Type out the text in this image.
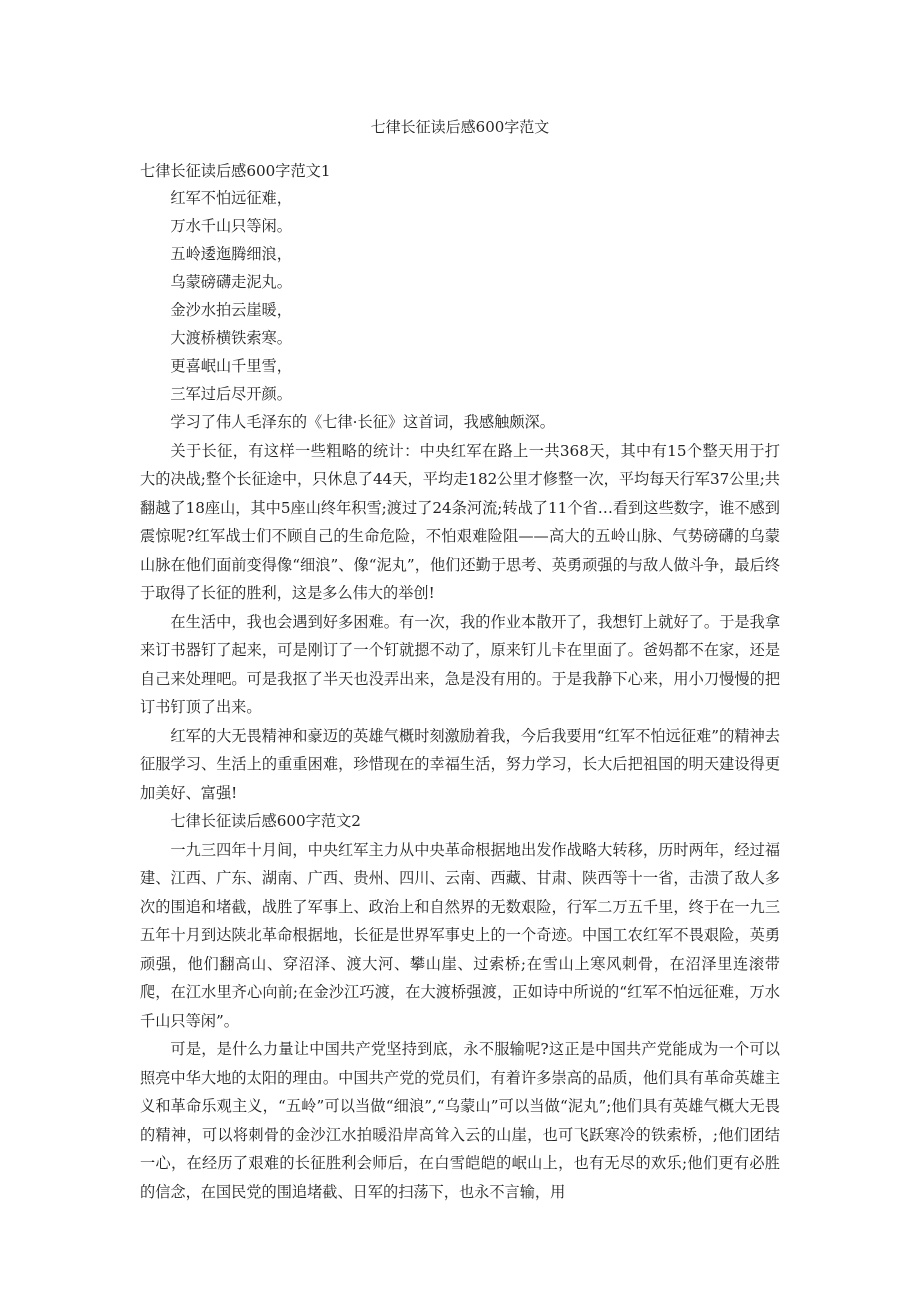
七律长征读后感600字范文

七律长征读后感600字范文1

红军不怕远征难，

万水千山只等闲。

五岭逶迤腾细浪，

乌蒙磅礴走泥丸。

金沙水拍云崖暖，

大渡桥横铁索寒。

更喜岷山千里雪，

三军过后尽开颜。

学习了伟人毛泽东的《七律·长征》这首词，我感触颇深。

关于长征，有这样一些粗略的统计：中央红军在路上一共368天，其中有15个整天用于打大的决战;整个长征途中，只休息了44天，平均走182公里才修整一次，平均每天行军37公里;共翻越了18座山，其中5座山终年积雪;渡过了24条河流;转战了11个省…看到这些数字，谁不感到震惊呢?红军战士们不顾自己的生命危险，不怕艰难险阻——高大的五岭山脉、气势磅礴的乌蒙山脉在他们面前变得像“细浪”、像“泥丸”，他们还勤于思考、英勇顽强的与敌人做斗争，最后终于取得了长征的胜利，这是多么伟大的举创!

在生活中，我也会遇到好多困难。有一次，我的作业本散开了，我想钉上就好了。于是我拿来订书器钉了起来，可是刚订了一个钉就摁不动了，原来钉儿卡在里面了。爸妈都不在家，还是自己来处理吧。可是我抠了半天也没弄出来，急是没有用的。于是我静下心来，用小刀慢慢的把订书钉顶了出来。

红军的大无畏精神和豪迈的英雄气概时刻激励着我，今后我要用“红军不怕远征难”的精神去征服学习、生活上的重重困难，珍惜现在的幸福生活，努力学习，长大后把祖国的明天建设得更加美好、富强!

七律长征读后感600字范文2

一九三四年十月间，中央红军主力从中央革命根据地出发作战略大转移，历时两年，经过福建、江西、广东、湖南、广西、贵州、四川、云南、西藏、甘肃、陕西等十一省，击溃了敌人多次的围追和堵截，战胜了军事上、政治上和自然界的无数艰险，行军二万五千里，终于在一九三五年十月到达陕北革命根据地，长征是世界军事史上的一个奇迹。中国工农红军不畏艰险，英勇顽强，他们翻高山、穿沼泽、渡大河、攀山崖、过索桥;在雪山上寒风刺骨，在沼泽里连滚带爬，在江水里齐心向前;在金沙江巧渡，在大渡桥强渡，正如诗中所说的“红军不怕远征难，万水千山只等闲”。

可是，是什么力量让中国共产党坚持到底，永不服输呢?这正是中国共产党能成为一个可以照亮中华大地的太阳的理由。中国共产党的党员们，有着许多崇高的品质，他们具有革命英雄主义和革命乐观主义，“五岭”可以当做“细浪”,“乌蒙山”可以当做“泥丸”;他们具有英雄气概大无畏的精神，可以将刺骨的金沙江水拍暖沿岸高耸入云的山崖，也可飞跃寒冷的铁索桥，;他们团结一心，在经历了艰难的长征胜利会师后，在白雪皑皑的岷山上，也有无尽的欢乐;他们更有必胜的信念，在国民党的围追堵截、日军的扫荡下，也永不言输，用
